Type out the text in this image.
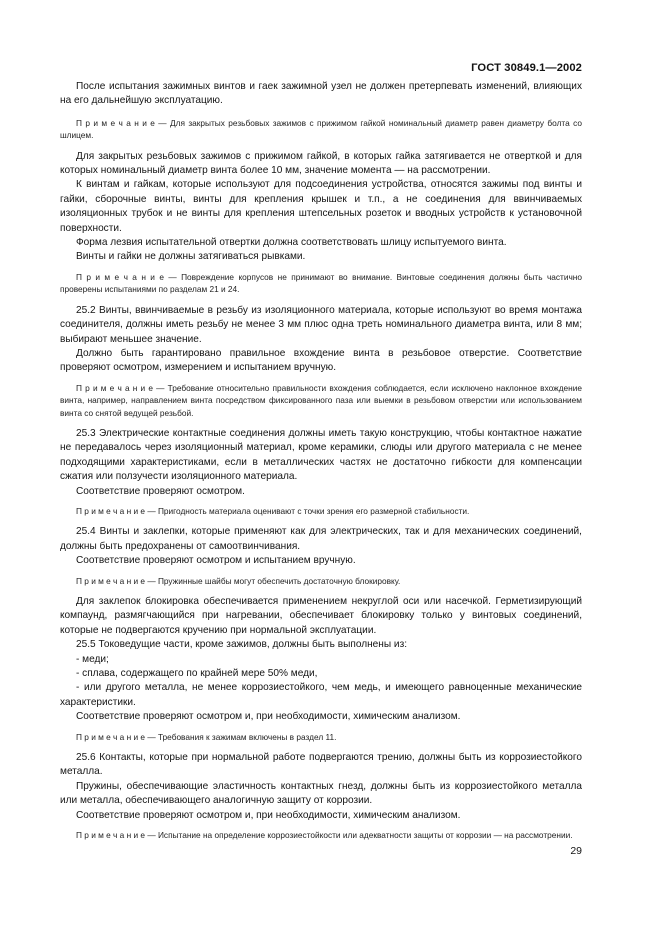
ГОСТ 30849.1—2002

После испытания зажимных винтов и гаек зажимной узел не должен претерпевать изменений, влияющих на его дальнейшую эксплуатацию.

П р и м е ч а н и е — Для закрытых резьбовых зажимов с прижимом гайкой номинальный диаметр равен диаметру болта со шлицем.

Для закрытых резьбовых зажимов с прижимом гайкой, в которых гайка затягивается не отверткой и для которых номинальный диаметр винта более 10 мм, значение момента — на рассмотрении.

К винтам и гайкам, которые используют для подсоединения устройства, относятся зажимы под винты и гайки, сборочные винты, винты для крепления крышек и т.п., а не соединения для ввинчиваемых изоляционных трубок и не винты для крепления штепсельных розеток и вводных устройств к установочной поверхности.

Форма лезвия испытательной отвертки должна соответствовать шлицу испытуемого винта.

Винты и гайки не должны затягиваться рывками.

П р и м е ч а н и е — Повреждение корпусов не принимают во внимание. Винтовые соединения должны быть частично проверены испытаниями по разделам 21 и 24.

25.2 Винты, ввинчиваемые в резьбу из изоляционного материала, которые используют во время монтажа соединителя, должны иметь резьбу не менее 3 мм плюс одна треть номинального диаметра винта, или 8 мм; выбирают меньшее значение.

Должно быть гарантировано правильное вхождение винта в резьбовое отверстие. Соответствие проверяют осмотром, измерением и испытанием вручную.

П р и м е ч а н и е — Требование относительно правильности вхождения соблюдается, если исключено наклонное вхождение винта, например, направлением винта посредством фиксированного паза или выемки в резьбовом отверстии или использованием винта со снятой ведущей резьбой.

25.3 Электрические контактные соединения должны иметь такую конструкцию, чтобы контактное нажатие не передавалось через изоляционный материал, кроме керамики, слюды или другого материала с не менее подходящими характеристиками, если в металлических частях не достаточно гибкости для компенсации сжатия или ползучести изоляционного материала.

Соответствие проверяют осмотром.

П р и м е ч а н и е — Пригодность материала оценивают с точки зрения его размерной стабильности.

25.4 Винты и заклепки, которые применяют как для электрических, так и для механических соединений, должны быть предохранены от самоотвинчивания.

Соответствие проверяют осмотром и испытанием вручную.

П р и м е ч а н и е — Пружинные шайбы могут обеспечить достаточную блокировку.

Для заклепок блокировка обеспечивается применением некруглой оси или насечкой. Герметизирующий компаунд, размягчающийся при нагревании, обеспечивает блокировку только у винтовых соединений, которые не подвергаются кручению при нормальной эксплуатации.

25.5 Токоведущие части, кроме зажимов, должны быть выполнены из:

- меди;

- сплава, содержащего по крайней мере 50% меди,

- или другого металла, не менее коррозиестойкого, чем медь, и имеющего равноценные механические характеристики.

Соответствие проверяют осмотром и, при необходимости, химическим анализом.

П р и м е ч а н и е — Требования к зажимам включены в раздел 11.

25.6 Контакты, которые при нормальной работе подвергаются трению, должны быть из коррозиестойкого металла.

Пружины, обеспечивающие эластичность контактных гнезд, должны быть из коррозиестойкого металла или металла, обеспечивающего аналогичную защиту от коррозии.

Соответствие проверяют осмотром и, при необходимости, химическим анализом.

П р и м е ч а н и е — Испытание на определение коррозиестойкости или адекватности защиты от коррозии — на рассмотрении.

29
